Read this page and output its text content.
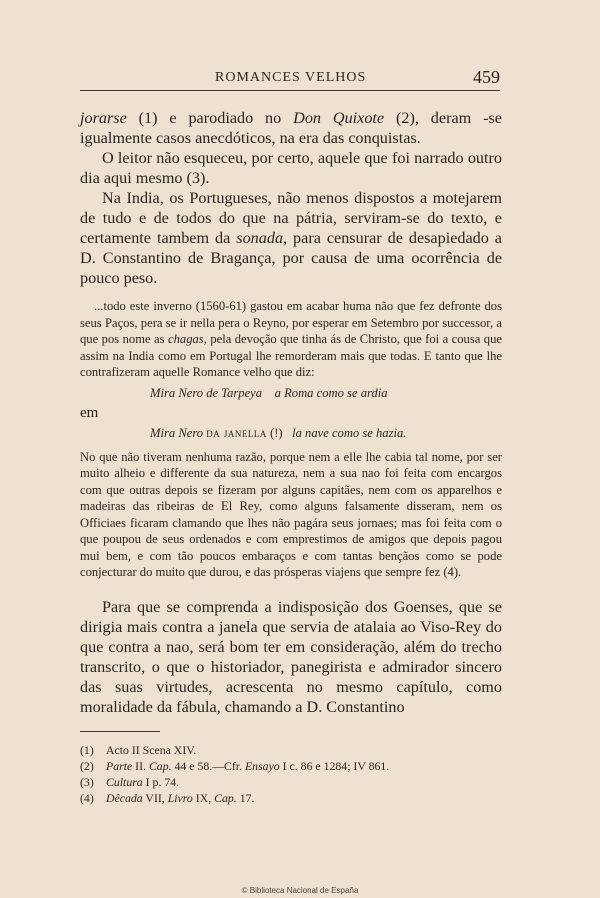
ROMANCES VELHOS	459

jorarse (1) e parodiado no Don Quixote (2), deram -se igualmente casos anecdóticos, na era das conquistas.

O leitor não esqueceu, por certo, aquele que foi narrado outro dia aqui mesmo (3).

Na India, os Portugueses, não menos dispostos a motejarem de tudo e de todos do que na pátria, serviram-se do texto, e certamente tambem da sonada, para censurar de desapiedado a D. Constantino de Bragança, por causa de uma ocorrência de pouco peso.

...todo este inverno (1560-61) gastou em acabar huma não que fez defronte dos seus Paços, pera se ir nella pera o Reyno, por esperar em Setembro por successor, a que pos nome as chagas, pela devoção que tinha ás de Christo, que foi a cousa que assim na India como em Portugal lhe remorderam mais que todas. E tanto que lhe contrafizeram aquelle Romance velho que diz:

Mira Nero de Tarpeya a Roma como se ardia
em
Mira Nero da janella (!) la nave como se hazia.

No que não tiveram nenhuma razão, porque nem a elle lhe cabia tal nome, por ser muito alheio e differente da sua natureza, nem a sua nao foi feita com encargos com que outras depois se fizeram por alguns capitães, nem com os apparelhos e madeiras das ribeiras de El Rey, como alguns falsamente disseram, nem os Officiaes ficaram clamando que lhes não pagára seus jornaes; mas foi feita com o que poupou de seus ordenados e com emprestimos de amigos que depois pagou mui bem, e com tão poucos embaraços e com tantas bençãos como se pode conjecturar do muito que durou, e das prósperas viajens que sempre fez (4).

Para que se comprenda a indisposição dos Goenses, que se dirigia mais contra a janela que servia de atalaia ao Viso-Rey do que contra a nao, será bom ter em consideração, além do trecho transcrito, o que o historiador, panegirista e admirador sincero das suas virtudes, acrescenta no mesmo capítulo, como moralidade da fábula, chamando a D. Constantino

(1) Acto II Scena XIV.
(2) Parte II. Cap. 44 e 58.—Cfr. Ensayo I c. 86 e 1284; IV 861.
(3) Cultura I p. 74.
(4) Dêcada VII, Livro IX, Cap. 17.
© Biblioteca Nacional de España
